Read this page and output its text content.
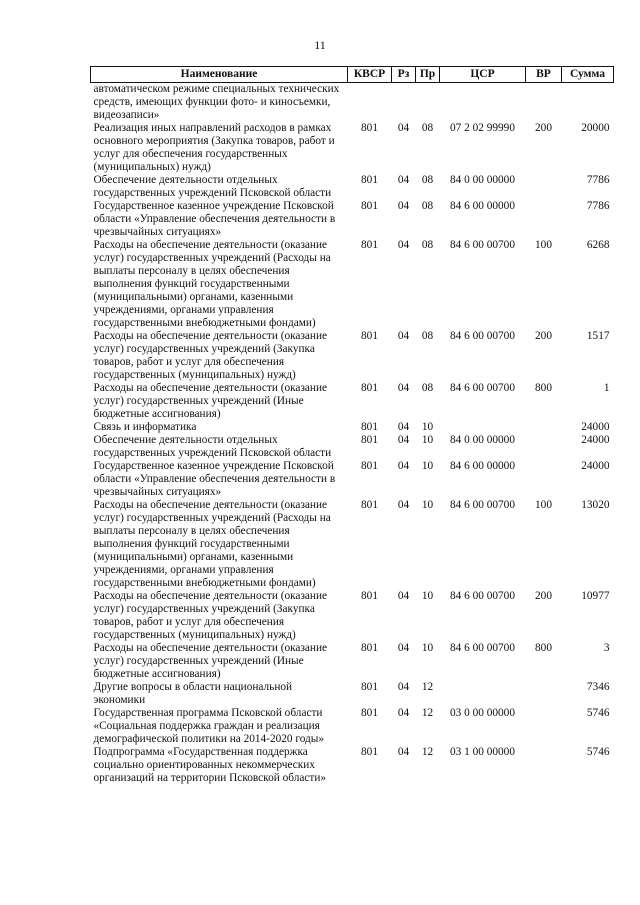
11
Наименование	КВСР	Рз	Пр	ЦСР	ВР	Сумма
автоматическом режиме специальных технических средств, имеющих функции фото- и киносъемки, видеозаписи»						
Реализация иных направлений расходов в рамках основного мероприятия (Закупка товаров, работ и услуг для обеспечения государственных (муниципальных) нужд)	801	04	08	07 2 02 99990	200	20000
Обеспечение деятельности отдельных государственных учреждений Псковской области	801	04	08	84 0 00 00000		7786
Государственное казенное учреждение Псковской области «Управление обеспечения деятельности в чрезвычайных ситуациях»	801	04	08	84 6 00 00000		7786
Расходы на обеспечение деятельности (оказание услуг) государственных учреждений (Расходы на выплаты персоналу в целях обеспечения выполнения функций государственными (муниципальными) органами, казенными учреждениями, органами управления государственными внебюджетными фондами)	801	04	08	84 6 00 00700	100	6268
Расходы на обеспечение деятельности (оказание услуг) государственных учреждений (Закупка товаров, работ и услуг для обеспечения государственных (муниципальных) нужд)	801	04	08	84 6 00 00700	200	1517
Расходы на обеспечение деятельности (оказание услуг) государственных учреждений (Иные бюджетные ассигнования)	801	04	08	84 6 00 00700	800	1
Связь и информатика	801	04	10			24000
Обеспечение деятельности отдельных государственных учреждений Псковской области	801	04	10	84 0 00 00000		24000
Государственное казенное учреждение Псковской области «Управление обеспечения деятельности в чрезвычайных ситуациях»	801	04	10	84 6 00 00000		24000
Расходы на обеспечение деятельности (оказание услуг) государственных учреждений (Расходы на выплаты персоналу в целях обеспечения выполнения функций государственными (муниципальными) органами, казенными учреждениями, органами управления государственными внебюджетными фондами)	801	04	10	84 6 00 00700	100	13020
Расходы на обеспечение деятельности (оказание услуг) государственных учреждений (Закупка товаров, работ и услуг для обеспечения государственных (муниципальных) нужд)	801	04	10	84 6 00 00700	200	10977
Расходы на обеспечение деятельности (оказание услуг) государственных учреждений (Иные бюджетные ассигнования)	801	04	10	84 6 00 00700	800	3
Другие вопросы в области национальной экономики	801	04	12			7346
Государственная программа Псковской области «Социальная поддержка граждан и реализация демографической политики на 2014-2020 годы»	801	04	12	03 0 00 00000		5746
Подпрограмма «Государственная поддержка социально ориентированных некоммерческих организаций на территории Псковской области»	801	04	12	03 1 00 00000		5746
